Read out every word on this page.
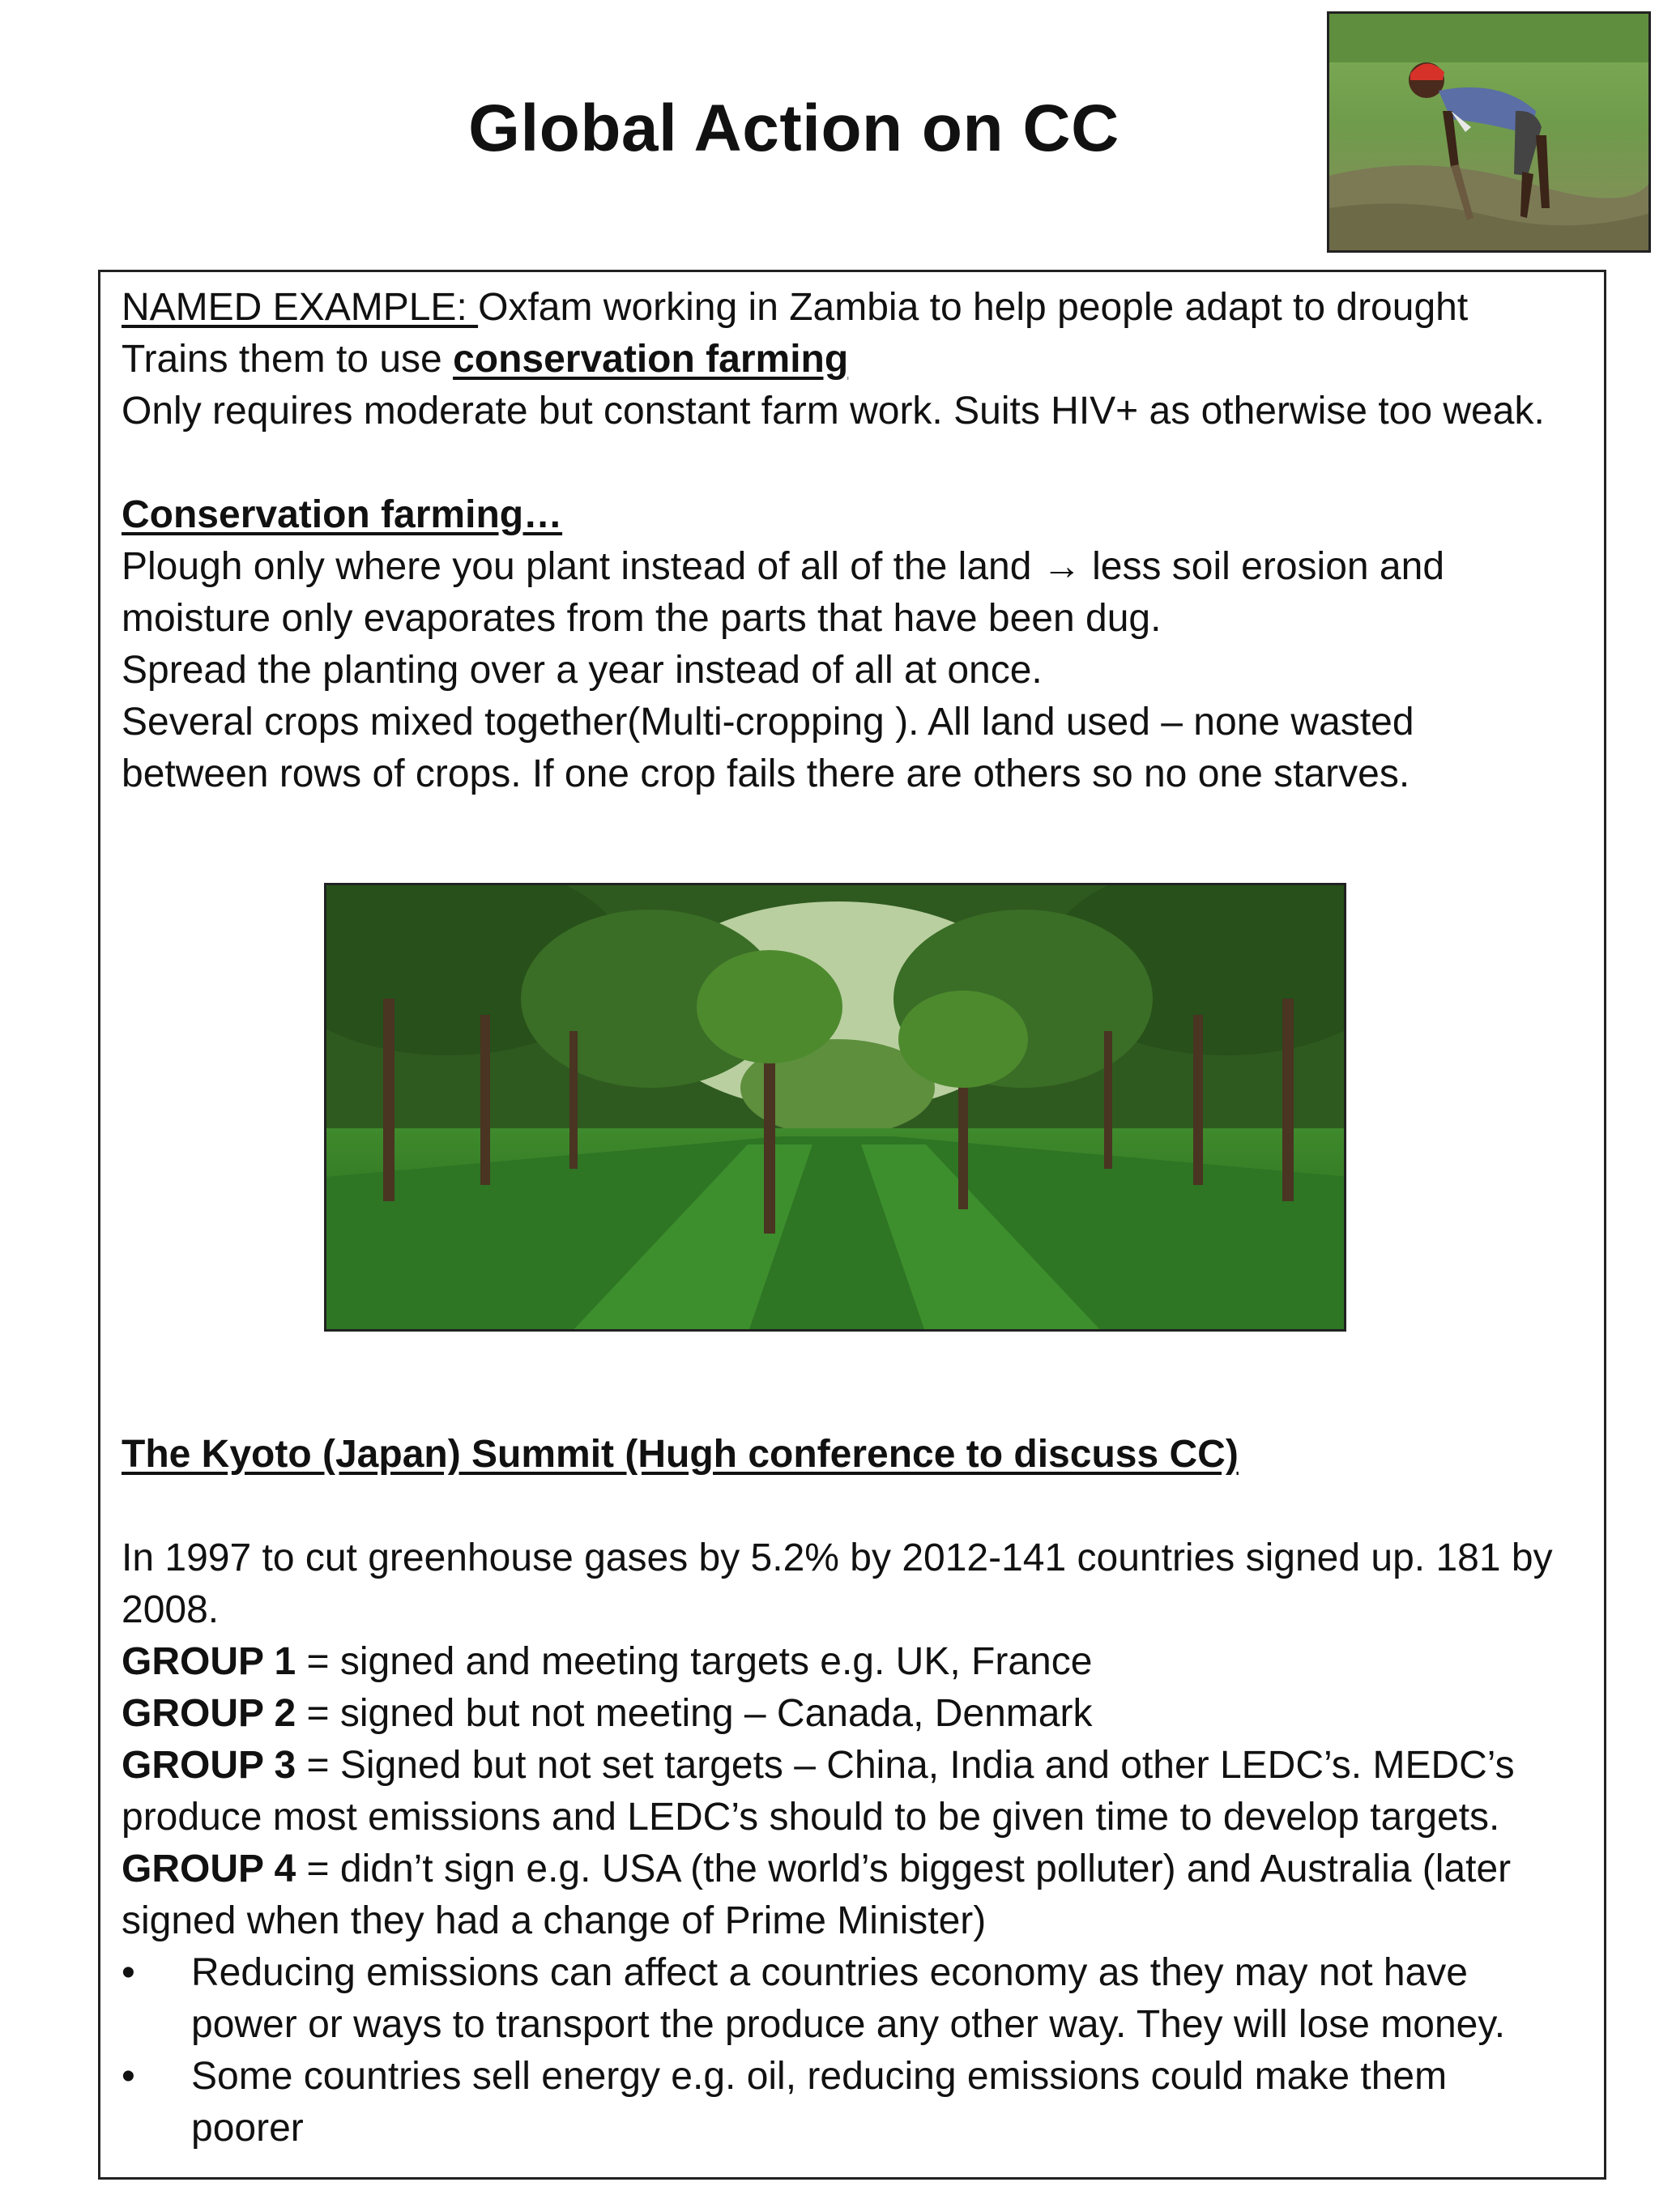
Global Action on CC
NAMED EXAMPLE: Oxfam working in Zambia to help people adapt to drought
Trains them to use conservation farming
Only requires moderate but constant farm work. Suits HIV+ as otherwise too weak.
Conservation farming…
Plough only where you plant instead of all of the land → less soil erosion and
moisture only evaporates from the parts that have been dug.
Spread the planting over a year instead of all at once.
Several crops mixed together(Multi-cropping ). All land used – none wasted
between rows of crops. If one crop fails there are others so no one starves.
The Kyoto (Japan) Summit (Hugh conference to discuss CC)
In 1997 to cut greenhouse gases by 5.2% by 2012-141 countries signed up. 181 by
2008.
GROUP 1 = signed and meeting targets e.g. UK, France
GROUP 2 = signed but not meeting – Canada, Denmark
GROUP 3 = Signed but not set targets – China, India and other LEDC’s. MEDC’s
produce most emissions and LEDC’s should to be given time to develop targets.
GROUP 4 = didn’t sign e.g. USA (the world’s biggest polluter) and Australia (later
signed when they had a change of Prime Minister)
•	Reducing emissions can affect a countries economy as they may not have
power or ways to transport the produce any other way. They will lose money.
•	Some countries sell energy e.g. oil, reducing emissions could make them
poorer
